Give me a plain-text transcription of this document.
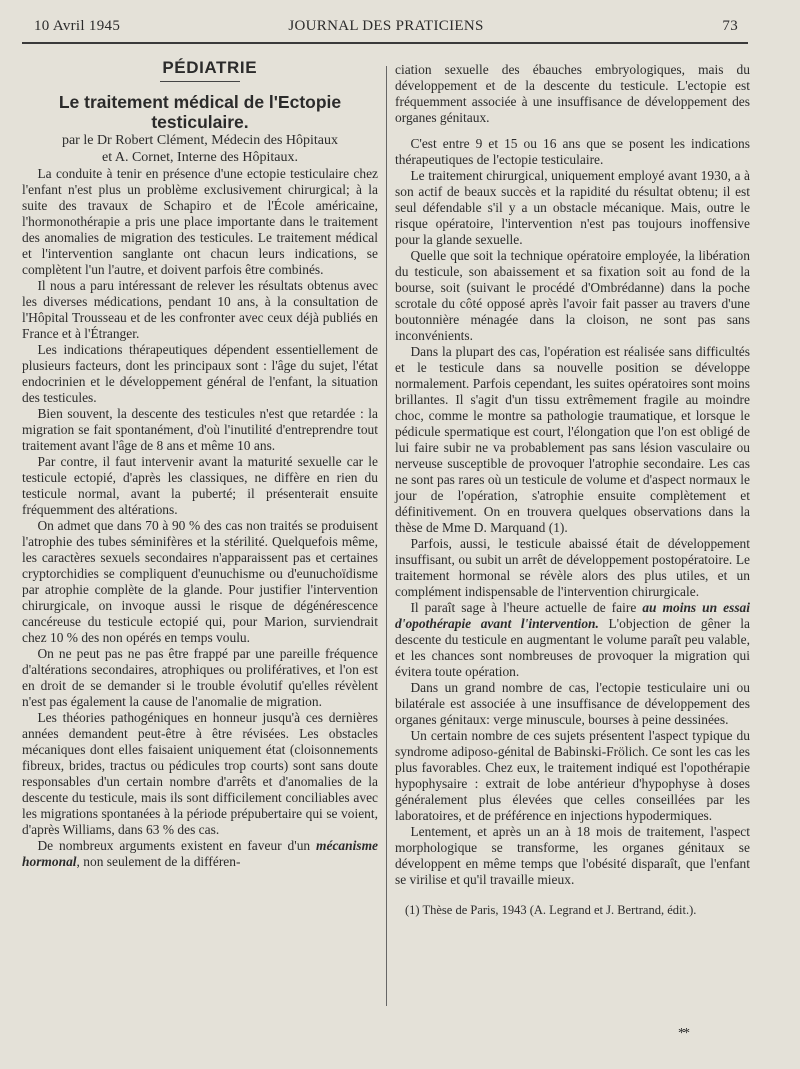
10 Avril 1945	JOURNAL DES PRATICIENS	73

PÉDIATRIE

Le traitement médical de l'Ectopie testiculaire.

par le Dr Robert Clément, Médecin des Hôpitaux
et A. Cornet, Interne des Hôpitaux.

La conduite à tenir en présence d'une ectopie testiculaire chez l'enfant n'est plus un problème exclusivement chirurgical; à la suite des travaux de Schapiro et de l'École américaine, l'hormonothérapie a pris une place importante dans le traitement des anomalies de migration des testicules. Le traitement médical et l'intervention sanglante ont chacun leurs indications, se complètent l'un l'autre, et doivent parfois être combinés.

Il nous a paru intéressant de relever les résultats obtenus avec les diverses médications, pendant 10 ans, à la consultation de l'Hôpital Trousseau et de les confronter avec ceux déjà publiés en France et à l'Étranger.

Les indications thérapeutiques dépendent essentiellement de plusieurs facteurs, dont les principaux sont : l'âge du sujet, l'état endocrinien et le développement général de l'enfant, la situation des testicules.

Bien souvent, la descente des testicules n'est que retardée : la migration se fait spontanément, d'où l'inutilité d'entreprendre tout traitement avant l'âge de 8 ans et même 10 ans.

Par contre, il faut intervenir avant la maturité sexuelle car le testicule ectopié, d'après les classiques, ne diffère en rien du testicule normal, avant la puberté; il présenterait ensuite fréquemment des altérations.

On admet que dans 70 à 90 % des cas non traités se produisent l'atrophie des tubes séminifères et la stérilité. Quelquefois même, les caractères sexuels secondaires n'apparaissent pas et certaines cryptorchidies se compliquent d'eunuchisme ou d'eunuchoïdisme par atrophie complète de la glande. Pour justifier l'intervention chirurgicale, on invoque aussi le risque de dégénérescence cancéreuse du testicule ectopié qui, pour Marion, surviendrait chez 10 % des non opérés en temps voulu.

On ne peut pas ne pas être frappé par une pareille fréquence d'altérations secondaires, atrophiques ou prolifératives, et l'on est en droit de se demander si le trouble évolutif qu'elles révèlent n'est pas également la cause de l'anomalie de migration.

Les théories pathogéniques en honneur jusqu'à ces dernières années demandent peut-être à être révisées. Les obstacles mécaniques dont elles faisaient uniquement état (cloisonnements fibreux, brides, tractus ou pédicules trop courts) sont sans doute responsables d'un certain nombre d'arrêts et d'anomalies de la descente du testicule, mais ils sont difficilement conciliables avec les migrations spontanées à la période prépubertaire qui se voient, d'après Williams, dans 63 % des cas.

De nombreux arguments existent en faveur d'un mécanisme hormonal, non seulement de la différen-

ciation sexuelle des ébauches embryologiques, mais du développement et de la descente du testicule. L'ectopie est fréquemment associée à une insuffisance de développement des organes génitaux.

C'est entre 9 et 15 ou 16 ans que se posent les indications thérapeutiques de l'ectopie testiculaire.

Le traitement chirurgical, uniquement employé avant 1930, a à son actif de beaux succès et la rapidité du résultat obtenu; il est seul défendable s'il y a un obstacle mécanique. Mais, outre le risque opératoire, l'intervention n'est pas toujours inoffensive pour la glande sexuelle.

Quelle que soit la technique opératoire employée, la libération du testicule, son abaissement et sa fixation soit au fond de la bourse, soit (suivant le procédé d'Ombrédanne) dans la poche scrotale du côté opposé après l'avoir fait passer au travers d'une boutonnière ménagée dans la cloison, ne sont pas sans inconvénients.

Dans la plupart des cas, l'opération est réalisée sans difficultés et le testicule dans sa nouvelle position se développe normalement. Parfois cependant, les suites opératoires sont moins brillantes. Il s'agit d'un tissu extrêmement fragile au moindre choc, comme le montre sa pathologie traumatique, et lorsque le pédicule spermatique est court, l'élongation que l'on est obligé de lui faire subir ne va probablement pas sans lésion vasculaire ou nerveuse susceptible de provoquer l'atrophie secondaire. Les cas ne sont pas rares où un testicule de volume et d'aspect normaux le jour de l'opération, s'atrophie ensuite complètement et définitivement. On en trouvera quelques observations dans la thèse de Mme D. Marquand (1).

Parfois, aussi, le testicule abaissé était de développement insuffisant, ou subit un arrêt de développement postopératoire. Le traitement hormonal se révèle alors des plus utiles, et un complément indispensable de l'intervention chirurgicale.

Il paraît sage à l'heure actuelle de faire au moins un essai d'opothérapie avant l'intervention. L'objection de gêner la descente du testicule en augmentant le volume paraît peu valable, et les chances sont nombreuses de provoquer la migration qui évitera toute opération.

Dans un grand nombre de cas, l'ectopie testiculaire uni ou bilatérale est associée à une insuffisance de développement des organes génitaux: verge minuscule, bourses à peine dessinées.

Un certain nombre de ces sujets présentent l'aspect typique du syndrome adiposo-génital de Babinski-Frölich. Ce sont les cas les plus favorables. Chez eux, le traitement indiqué est l'opothérapie hypophysaire : extrait de lobe antérieur d'hypophyse à doses généralement plus élevées que celles conseillées par les laboratoires, et de préférence en injections hypodermiques.

Lentement, et après un an à 18 mois de traitement, l'aspect morphologique se transforme, les organes génitaux se développent en même temps que l'obésité disparaît, que l'enfant se virilise et qu'il travaille mieux.

(1) Thèse de Paris, 1943 (A. Legrand et J. Bertrand, édit.).

**
